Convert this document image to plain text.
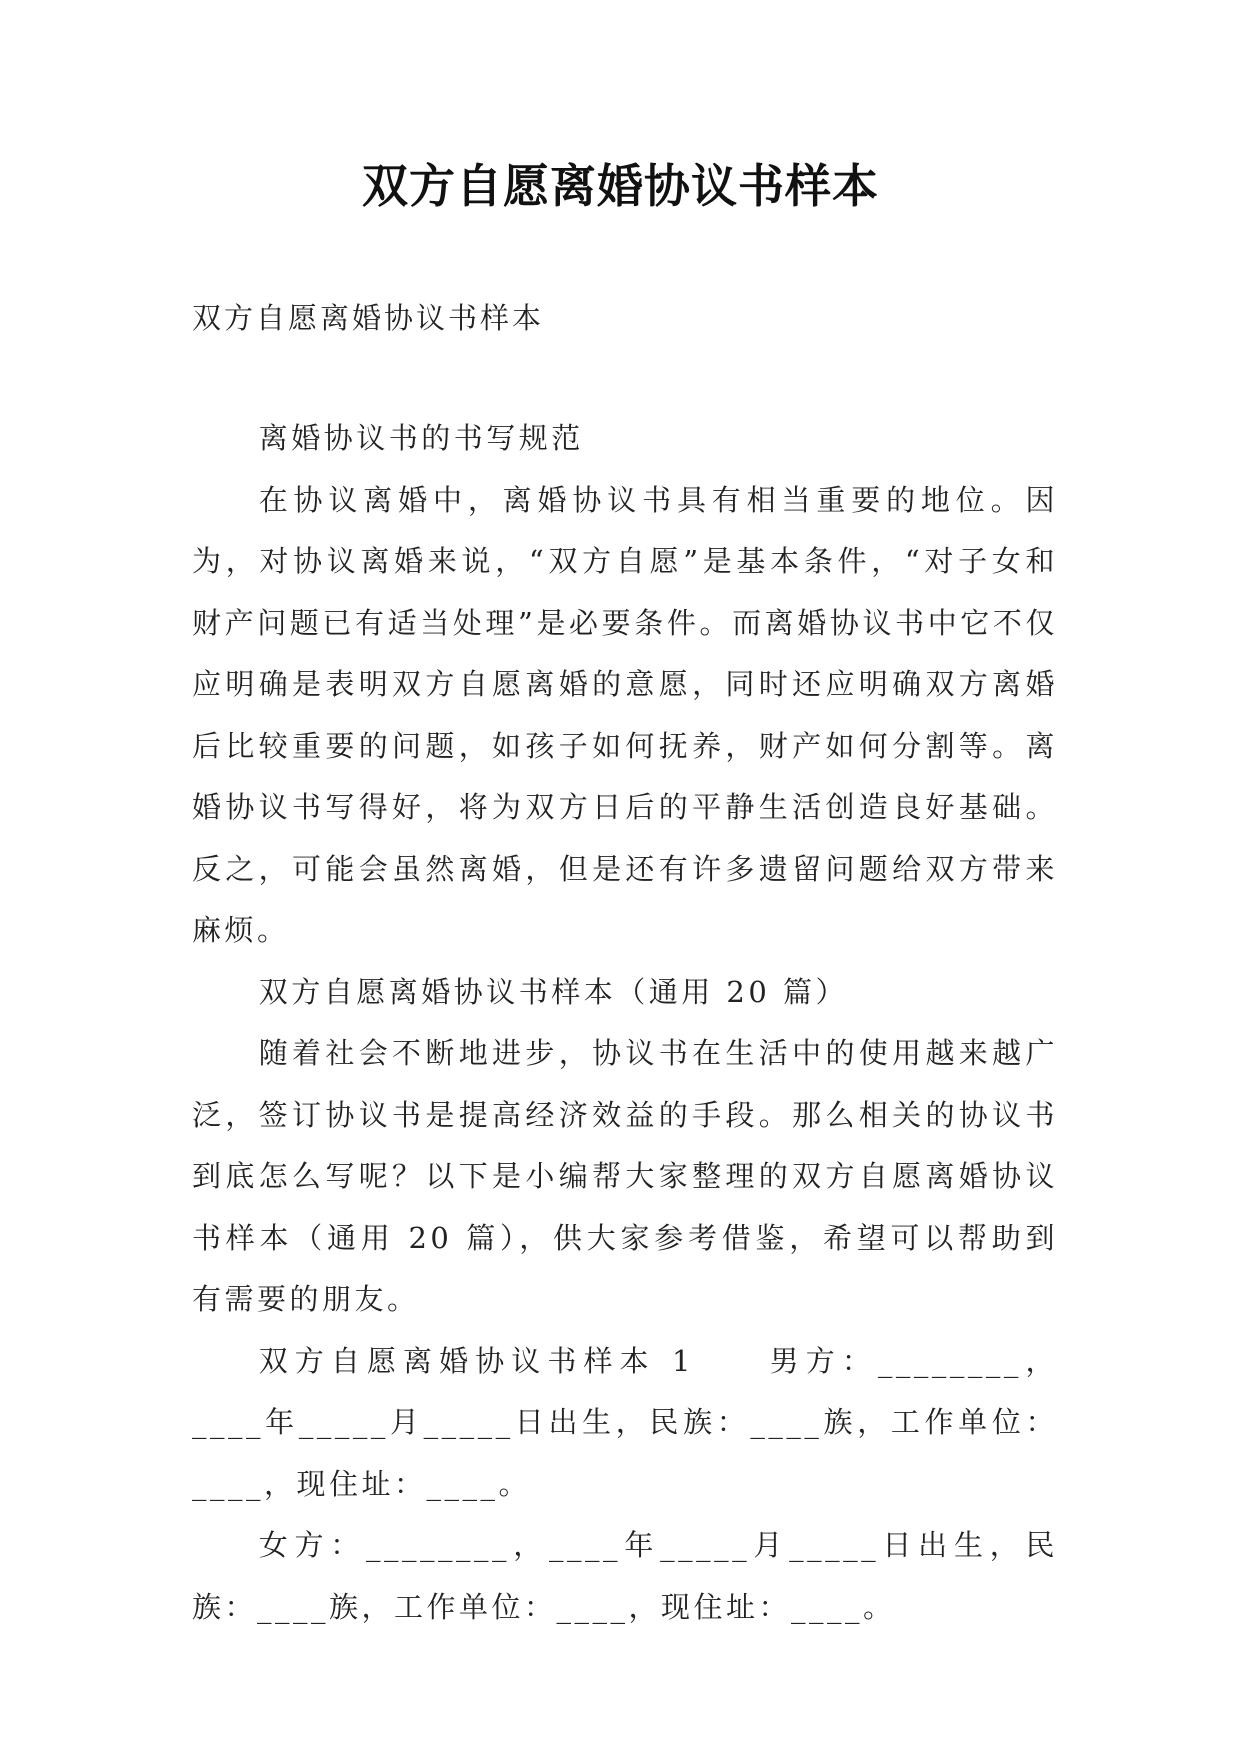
双方自愿离婚协议书样本

双方自愿离婚协议书样本

离婚协议书的书写规范

在协议离婚中，离婚协议书具有相当重要的地位。因为，对协议离婚来说，“双方自愿”是基本条件，“对子女和财产问题已有适当处理”是必要条件。而离婚协议书中它不仅应明确是表明双方自愿离婚的意愿，同时还应明确双方离婚后比较重要的问题，如孩子如何抚养，财产如何分割等。离婚协议书写得好，将为双方日后的平静生活创造良好基础。反之，可能会虽然离婚，但是还有许多遗留问题给双方带来麻烦。

双方自愿离婚协议书样本（通用 20 篇）

随着社会不断地进步，协议书在生活中的使用越来越广泛，签订协议书是提高经济效益的手段。那么相关的协议书到底怎么写呢？以下是小编帮大家整理的双方自愿离婚协议书样本（通用 20 篇），供大家参考借鉴，希望可以帮助到有需要的朋友。

双方自愿离婚协议书样本 1　　男方：________，____年_____月_____日出生，民族：____族，工作单位：____，现住址：____。

女方：________，____年_____月_____日出生，民族：____族，工作单位：____，现住址：____。
